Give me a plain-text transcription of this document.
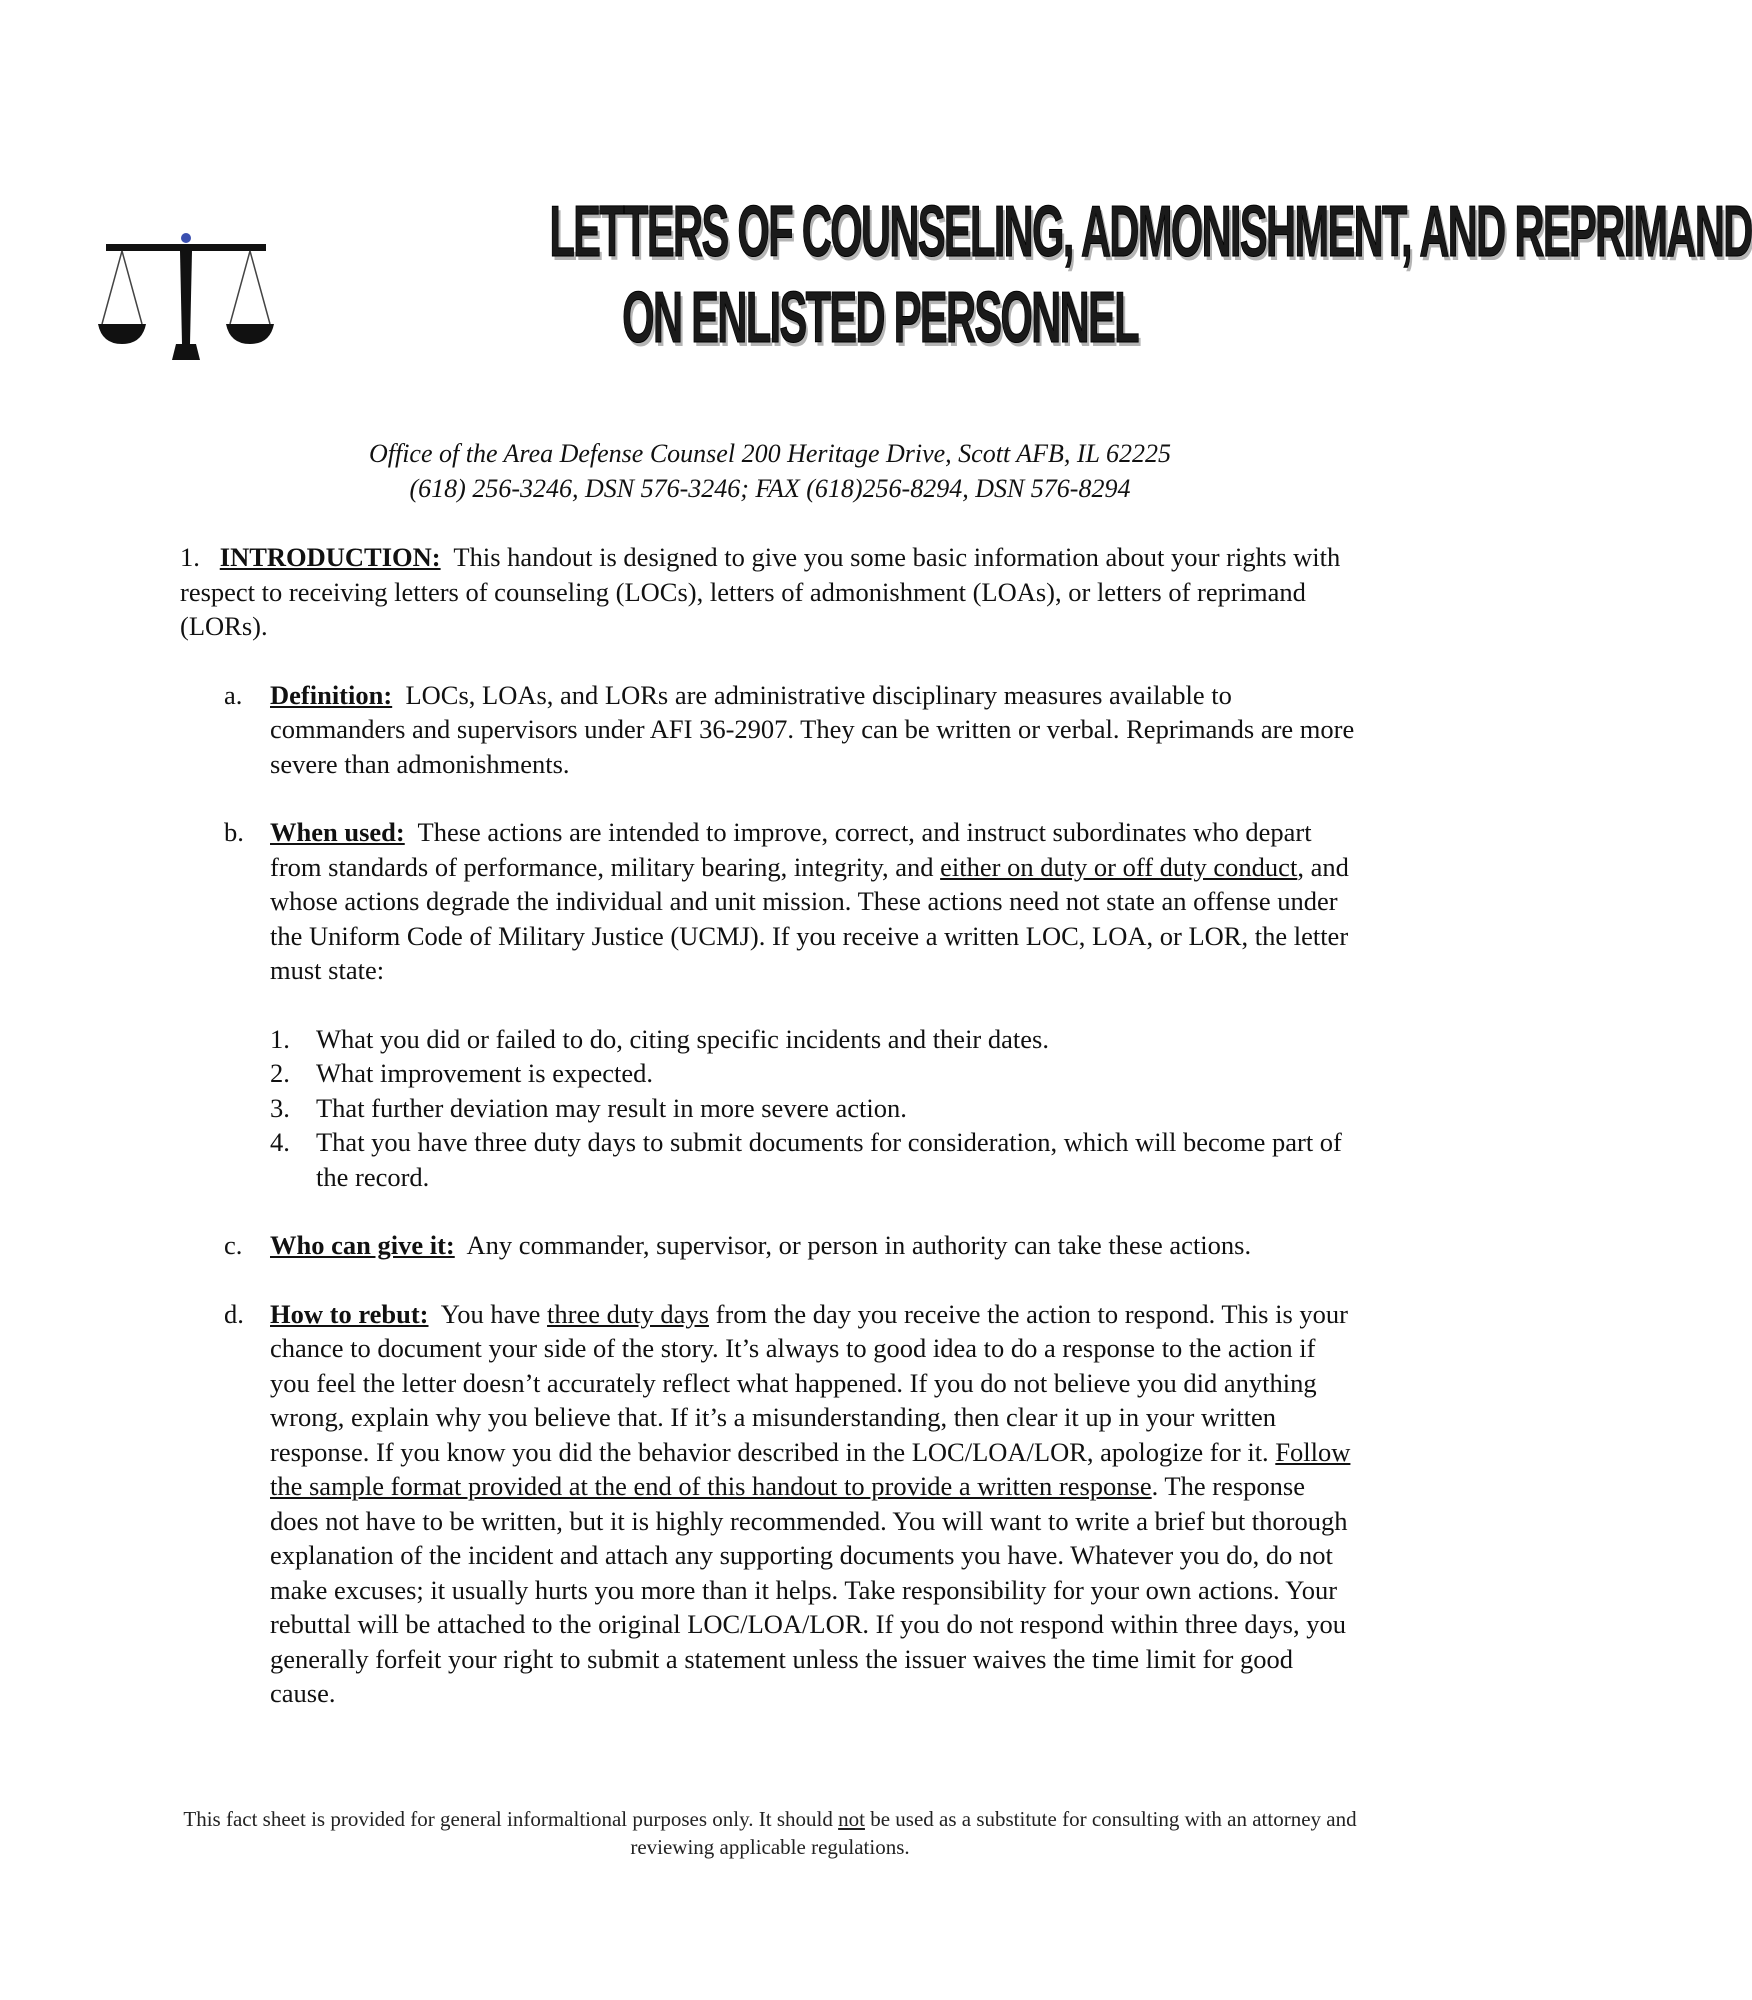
LETTERS OF COUNSELING, ADMONISHMENT, AND REPRIMAND
ON ENLISTED PERSONNEL
Office of the Area Defense Counsel 200 Heritage Drive, Scott AFB, IL 62225
(618) 256-3246, DSN 576-3246; FAX (618)256-8294, DSN 576-8294

1. INTRODUCTION: This handout is designed to give you some basic information about your rights with respect to receiving letters of counseling (LOCs), letters of admonishment (LOAs), or letters of reprimand (LORs).

a. Definition: LOCs, LOAs, and LORs are administrative disciplinary measures available to commanders and supervisors under AFI 36-2907. They can be written or verbal. Reprimands are more severe than admonishments.
b. When used: These actions are intended to improve, correct, and instruct subordinates who depart from standards of performance, military bearing, integrity, and either on duty or off duty conduct, and whose actions degrade the individual and unit mission. These actions need not state an offense under the Uniform Code of Military Justice (UCMJ). If you receive a written LOC, LOA, or LOR, the letter must state:
1. What you did or failed to do, citing specific incidents and their dates.
2. What improvement is expected.
3. That further deviation may result in more severe action.
4. That you have three duty days to submit documents for consideration, which will become part of the record.
c. Who can give it: Any commander, supervisor, or person in authority can take these actions.
d. How to rebut: You have three duty days from the day you receive the action to respond. This is your chance to document your side of the story. It’s always to good idea to do a response to the action if you feel the letter doesn’t accurately reflect what happened. If you do not believe you did anything wrong, explain why you believe that. If it’s a misunderstanding, then clear it up in your written response. If you know you did the behavior described in the LOC/LOA/LOR, apologize for it. Follow the sample format provided at the end of this handout to provide a written response. The response does not have to be written, but it is highly recommended. You will want to write a brief but thorough explanation of the incident and attach any supporting documents you have. Whatever you do, do not make excuses; it usually hurts you more than it helps. Take responsibility for your own actions. Your rebuttal will be attached to the original LOC/LOA/LOR. If you do not respond within three days, you generally forfeit your right to submit a statement unless the issuer waives the time limit for good cause.
This fact sheet is provided for general informaltional purposes only. It should not be used as a substitute for consulting with an attorney and reviewing applicable regulations.
